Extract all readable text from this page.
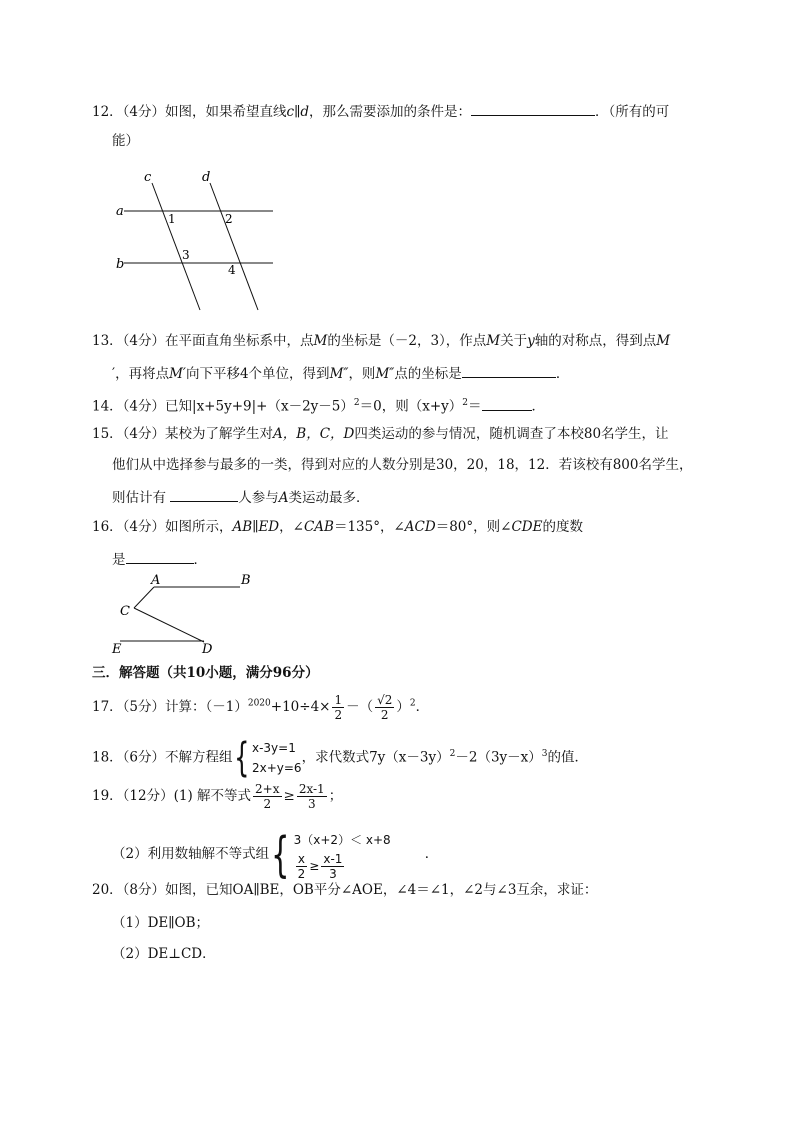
12．（4分）如图，如果希望直线c∥d，那么需要添加的条件是：	．（所有的可
能）
c	d
a
b
1	2
3
4
13．（4分）在平面直角坐标系中，点M的坐标是（－2，3），作点M关于y轴的对称点，得到点M
′，再将点M′向下平移4个单位，得到M″，则M″点的坐标是	．
14．（4分）已知$|x+5y+9|+(x-2y-5)^2=0$，则$(x+y)^2=$	．
15．（4分）某校为了解学生对A，B，C，D四类运动的参与情况，随机调查了本校80名学生，让
他们从中选择参与最多的一类，得到对应的人数分别是30，20，18，12．若该校有800名学生，
则估计有	人参与A类运动最多．
16．（4分）如图所示，AB∥ED，∠CAB＝135°，∠ACD＝80°，则∠CDE的度数
是	．
A	B
C
E	D
三．解答题（共10小题，满分96分）
17．（5分）计算：$(-1)^{2020}+10\div 4\times \frac{1}{2}$ －（ $\frac{√2}{2} )^2$．
18．（6分）不解方程组 { x-3y=1
2x+y=6
，求代数式$7y(x-3y)^2-2(3y-x)^3$的值．
19．（12分）(1) 解不等式 $\frac{2+x}{2} \ge \frac{2x-1}{3}$ ；
（2）利用数轴解不等式组 { 3（x+2）＜ x+8
$\frac{x}{2} \ge \frac{x-1}{3}$	．
20．（8分）如图，已知OA∥BE，OB平分∠AOE，∠4＝∠1，∠2与∠3互余，求证：
（1）DE∥OB；
（2）DE⊥CD．
